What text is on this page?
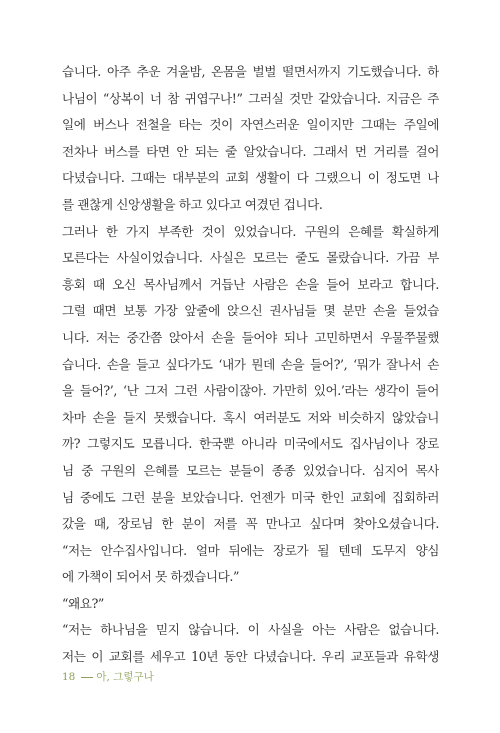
습니다. 아주 추운 겨울밤, 온몸을 벌벌 떨면서까지 기도했습니다. 하
나님이 “상복이 너 참 귀엽구나!” 그러실 것만 같았습니다. 지금은 주
일에 버스나 전철을 타는 것이 자연스러운 일이지만 그때는 주일에
전차나 버스를 타면 안 되는 줄 알았습니다. 그래서 먼 거리를 걸어
다녔습니다. 그때는 대부분의 교회 생활이 다 그랬으니 이 정도면 나
를 괜찮게 신앙생활을 하고 있다고 여겼던 겁니다.
그러나 한 가지 부족한 것이 있었습니다. 구원의 은혜를 확실하게
모른다는 사실이었습니다. 사실은 모르는 줄도 몰랐습니다. 가끔 부
흥회 때 오신 목사님께서 거듭난 사람은 손을 들어 보라고 합니다.
그럴 때면 보통 가장 앞줄에 앉으신 권사님들 몇 분만 손을 들었습
니다. 저는 중간쯤 앉아서 손을 들어야 되나 고민하면서 우물쭈물했
습니다. 손을 들고 싶다가도 ‘내가 뭔데 손을 들어?’, ‘뭐가 잘나서 손
을 들어?’, ‘난 그저 그런 사람이잖아. 가만히 있어.’라는 생각이 들어
차마 손을 들지 못했습니다. 혹시 여러분도 저와 비슷하지 않았습니
까? 그렇지도 모릅니다. 한국뿐 아니라 미국에서도 집사님이나 장로
님 중 구원의 은혜를 모르는 분들이 종종 있었습니다. 심지어 목사
님 중에도 그런 분을 보았습니다. 언젠가 미국 한인 교회에 집회하러
갔을 때, 장로님 한 분이 저를 꼭 만나고 싶다며 찾아오셨습니다.
“저는 안수집사입니다. 얼마 뒤에는 장로가 될 텐데 도무지 양심
에 가책이 되어서 못 하겠습니다.”
“왜요?”
“저는 하나님을 믿지 않습니다. 이 사실을 아는 사람은 없습니다.
저는 이 교회를 세우고 10년 동안 다녔습니다. 우리 교포들과 유학생
18 아, 그렇구나
